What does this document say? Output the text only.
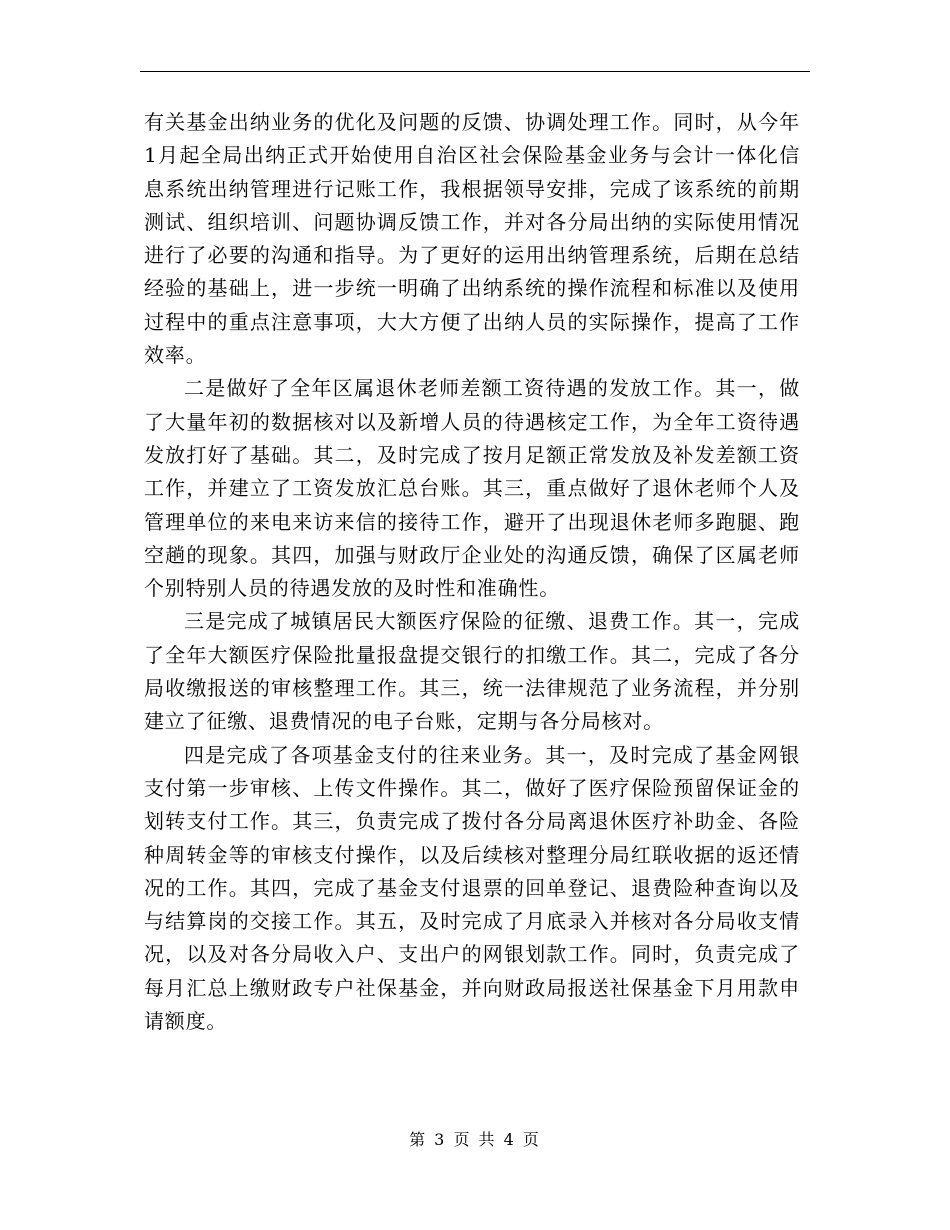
有关基金出纳业务的优化及问题的反馈、协调处理工作。同时，从今年1月起全局出纳正式开始使用自治区社会保险基金业务与会计一体化信息系统出纳管理进行记账工作，我根据领导安排，完成了该系统的前期测试、组织培训、问题协调反馈工作，并对各分局出纳的实际使用情况进行了必要的沟通和指导。为了更好的运用出纳管理系统，后期在总结经验的基础上，进一步统一明确了出纳系统的操作流程和标准以及使用过程中的重点注意事项，大大方便了出纳人员的实际操作，提高了工作效率。

二是做好了全年区属退休老师差额工资待遇的发放工作。其一，做了大量年初的数据核对以及新增人员的待遇核定工作，为全年工资待遇发放打好了基础。其二，及时完成了按月足额正常发放及补发差额工资工作，并建立了工资发放汇总台账。其三，重点做好了退休老师个人及管理单位的来电来访来信的接待工作，避开了出现退休老师多跑腿、跑空趟的现象。其四，加强与财政厅企业处的沟通反馈，确保了区属老师个别特别人员的待遇发放的及时性和准确性。

三是完成了城镇居民大额医疗保险的征缴、退费工作。其一，完成了全年大额医疗保险批量报盘提交银行的扣缴工作。其二，完成了各分局收缴报送的审核整理工作。其三，统一法律规范了业务流程，并分别建立了征缴、退费情况的电子台账，定期与各分局核对。

四是完成了各项基金支付的往来业务。其一，及时完成了基金网银支付第一步审核、上传文件操作。其二，做好了医疗保险预留保证金的划转支付工作。其三，负责完成了拨付各分局离退休医疗补助金、各险种周转金等的审核支付操作，以及后续核对整理分局红联收据的返还情况的工作。其四，完成了基金支付退票的回单登记、退费险种查询以及与结算岗的交接工作。其五，及时完成了月底录入并核对各分局收支情况，以及对各分局收入户、支出户的网银划款工作。同时，负责完成了每月汇总上缴财政专户社保基金，并向财政局报送社保基金下月用款申请额度。

第 3 页 共 4 页
